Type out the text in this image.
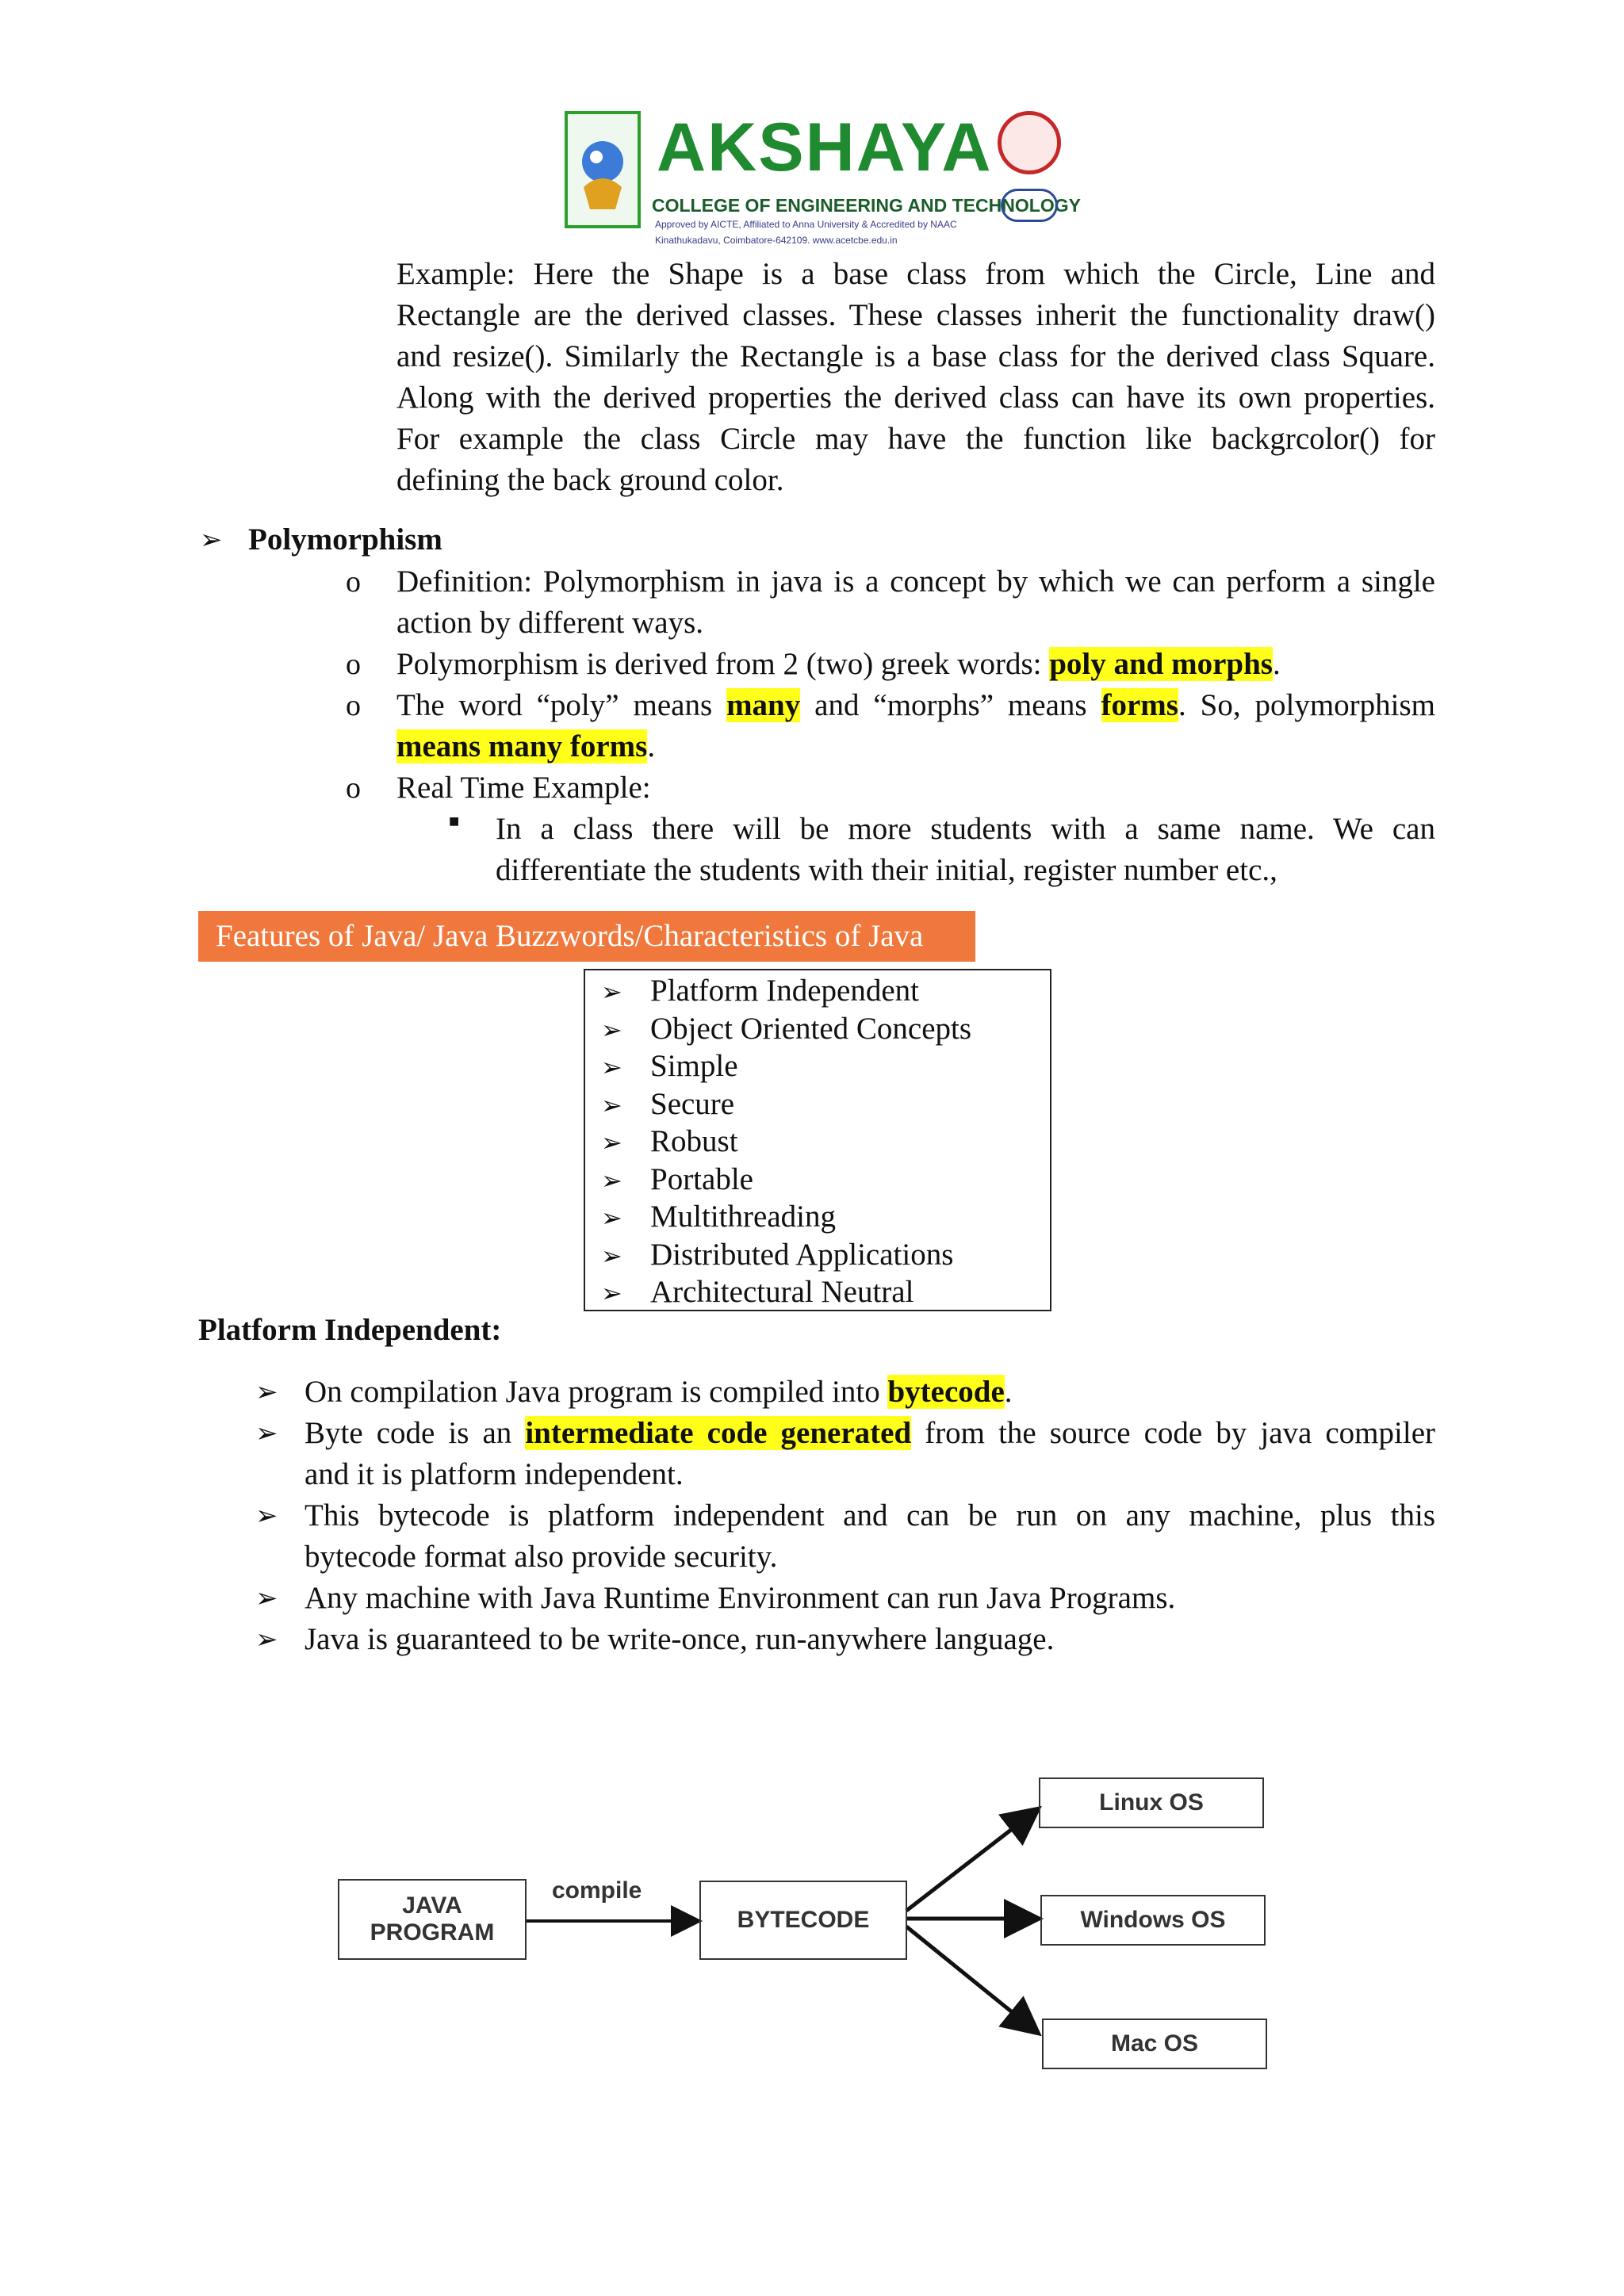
AKSHAYA
COLLEGE OF ENGINEERING AND TECHNOLOGY
Approved by AICTE, Affiliated to Anna University & Accredited by NAAC
Kinathukadavu, Coimbatore-642109. www.acetcbe.edu.in
Example: Here the Shape is a base class from which the Circle, Line and
Rectangle are the derived classes. These classes inherit the functionality draw()
and resize(). Similarly the Rectangle is a base class for the derived class Square.
Along with the derived properties the derived class can have its own properties.
For example the class Circle may have the function like backgrcolor() for
defining the back ground color.
➢ Polymorphism
o Definition: Polymorphism in java is a concept by which we can perform a single
action by different ways.
o Polymorphism is derived from 2 (two) greek words: poly and morphs.
o The word “poly” means many and “morphs” means forms. So, polymorphism
means many forms.
o Real Time Example:
■ In a class there will be more students with a same name. We can
differentiate the students with their initial, register number etc.,
Features of Java/ Java Buzzwords/Characteristics of Java
➢ Platform Independent
➢ Object Oriented Concepts
➢ Simple
➢ Secure
➢ Robust
➢ Portable
➢ Multithreading
➢ Distributed Applications
➢ Architectural Neutral
Platform Independent:
➢ On compilation Java program is compiled into bytecode.
➢ Byte code is an intermediate code generated from the source code by java compiler
and it is platform independent.
➢ This bytecode is platform independent and can be run on any machine, plus this
bytecode format also provide security.
➢ Any machine with Java Runtime Environment can run Java Programs.
➢ Java is guaranteed to be write-once, run-anywhere language.
JAVA
PROGRAM
compile
BYTECODE
Linux OS
Windows OS
Mac OS
